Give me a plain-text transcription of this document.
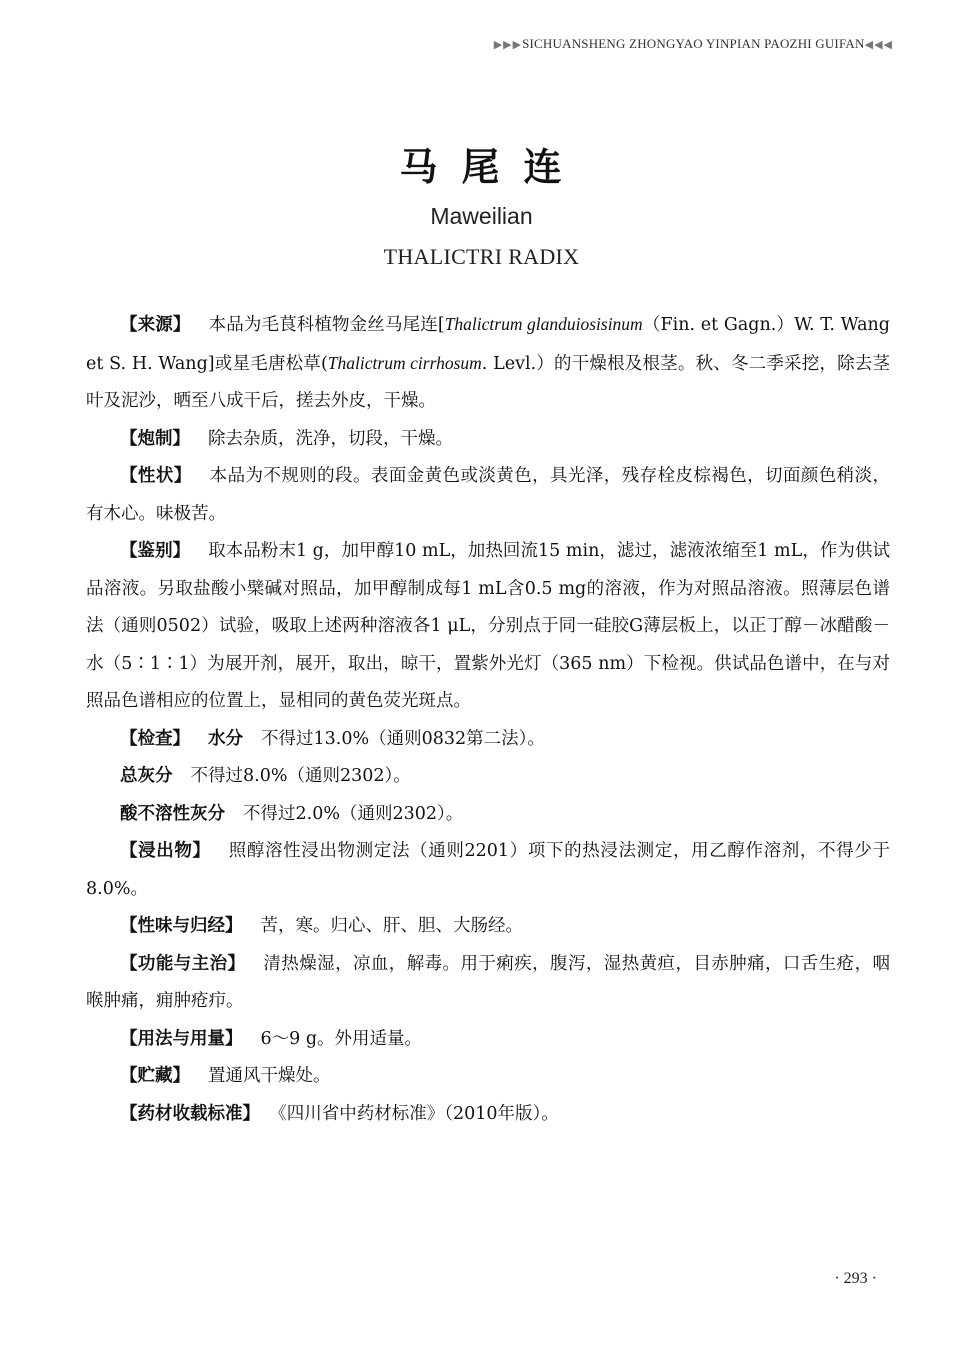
▶▶▶SICHUANSHENG ZHONGYAO YINPIAN PAOZHI GUIFAN◀◀◀
马尾连
Maweilian
THALICTRI RADIX

【来源】 本品为毛茛科植物金丝马尾连[Thalictrum glanduiosisinum（Fin. et Gagn.）W. T. Wang et S. H. Wang]或星毛唐松草(Thalictrum cirrhosum. Levl.）的干燥根及根茎。秋、冬二季采挖，除去茎叶及泥沙，晒至八成干后，搓去外皮，干燥。

【炮制】 除去杂质，洗净，切段，干燥。

【性状】 本品为不规则的段。表面金黄色或淡黄色，具光泽，残存栓皮棕褐色，切面颜色稍淡，有木心。味极苦。

【鉴别】 取本品粉末1 g，加甲醇10 mL，加热回流15 min，滤过，滤液浓缩至1 mL，作为供试品溶液。另取盐酸小檗碱对照品，加甲醇制成每1 mL含0.5 mg的溶液，作为对照品溶液。照薄层色谱法（通则0502）试验，吸取上述两种溶液各1 μL，分别点于同一硅胶G薄层板上，以正丁醇－冰醋酸－水（5∶1∶1）为展开剂，展开，取出，晾干，置紫外光灯（365 nm）下检视。供试品色谱中，在与对照品色谱相应的位置上，显相同的黄色荧光斑点。

【检查】 水分 不得过13.0%（通则0832第二法）。

总灰分 不得过8.0%（通则2302）。

酸不溶性灰分 不得过2.0%（通则2302）。

【浸出物】 照醇溶性浸出物测定法（通则2201）项下的热浸法测定，用乙醇作溶剂，不得少于8.0%。

【性味与归经】 苦，寒。归心、肝、胆、大肠经。

【功能与主治】 清热燥湿，凉血，解毒。用于痢疾，腹泻，湿热黄疸，目赤肿痛，口舌生疮，咽喉肿痛，痈肿疮疖。

【用法与用量】 6～9 g。外用适量。

【贮藏】 置通风干燥处。

【药材收载标准】 《四川省中药材标准》（2010年版）。

· 293 ·
